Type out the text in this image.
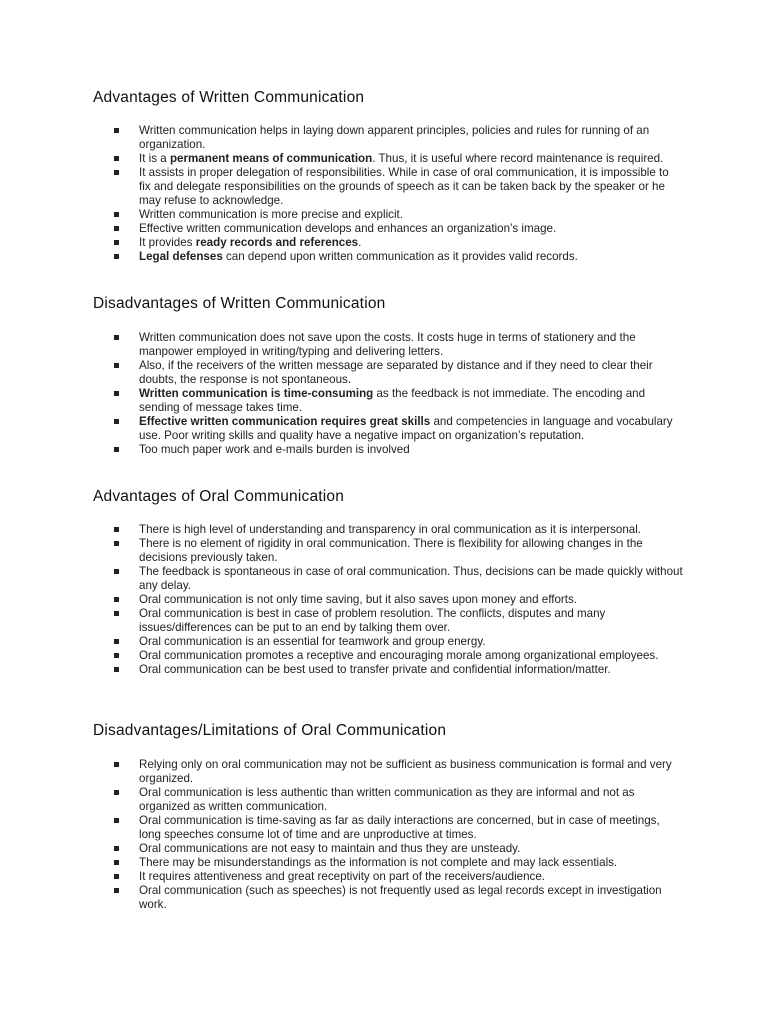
Advantages of Written Communication
Written communication helps in laying down apparent principles, policies and rules for running of an organization.
It is a permanent means of communication. Thus, it is useful where record maintenance is required.
It assists in proper delegation of responsibilities. While in case of oral communication, it is impossible to fix and delegate responsibilities on the grounds of speech as it can be taken back by the speaker or he may refuse to acknowledge.
Written communication is more precise and explicit.
Effective written communication develops and enhances an organization’s image.
It provides ready records and references.
Legal defenses can depend upon written communication as it provides valid records.
Disadvantages of Written Communication
Written communication does not save upon the costs. It costs huge in terms of stationery and the manpower employed in writing/typing and delivering letters.
Also, if the receivers of the written message are separated by distance and if they need to clear their doubts, the response is not spontaneous.
Written communication is time-consuming as the feedback is not immediate. The encoding and sending of message takes time.
Effective written communication requires great skills and competencies in language and vocabulary use. Poor writing skills and quality have a negative impact on organization’s reputation.
Too much paper work and e-mails burden is involved
Advantages of Oral Communication
There is high level of understanding and transparency in oral communication as it is interpersonal.
There is no element of rigidity in oral communication. There is flexibility for allowing changes in the decisions previously taken.
The feedback is spontaneous in case of oral communication. Thus, decisions can be made quickly without any delay.
Oral communication is not only time saving, but it also saves upon money and efforts.
Oral communication is best in case of problem resolution. The conflicts, disputes and many issues/differences can be put to an end by talking them over.
Oral communication is an essential for teamwork and group energy.
Oral communication promotes a receptive and encouraging morale among organizational employees.
Oral communication can be best used to transfer private and confidential information/matter.
Disadvantages/Limitations of Oral Communication
Relying only on oral communication may not be sufficient as business communication is formal and very organized.
Oral communication is less authentic than written communication as they are informal and not as organized as written communication.
Oral communication is time-saving as far as daily interactions are concerned, but in case of meetings, long speeches consume lot of time and are unproductive at times.
Oral communications are not easy to maintain and thus they are unsteady.
There may be misunderstandings as the information is not complete and may lack essentials.
It requires attentiveness and great receptivity on part of the receivers/audience.
Oral communication (such as speeches) is not frequently used as legal records except in investigation work.
